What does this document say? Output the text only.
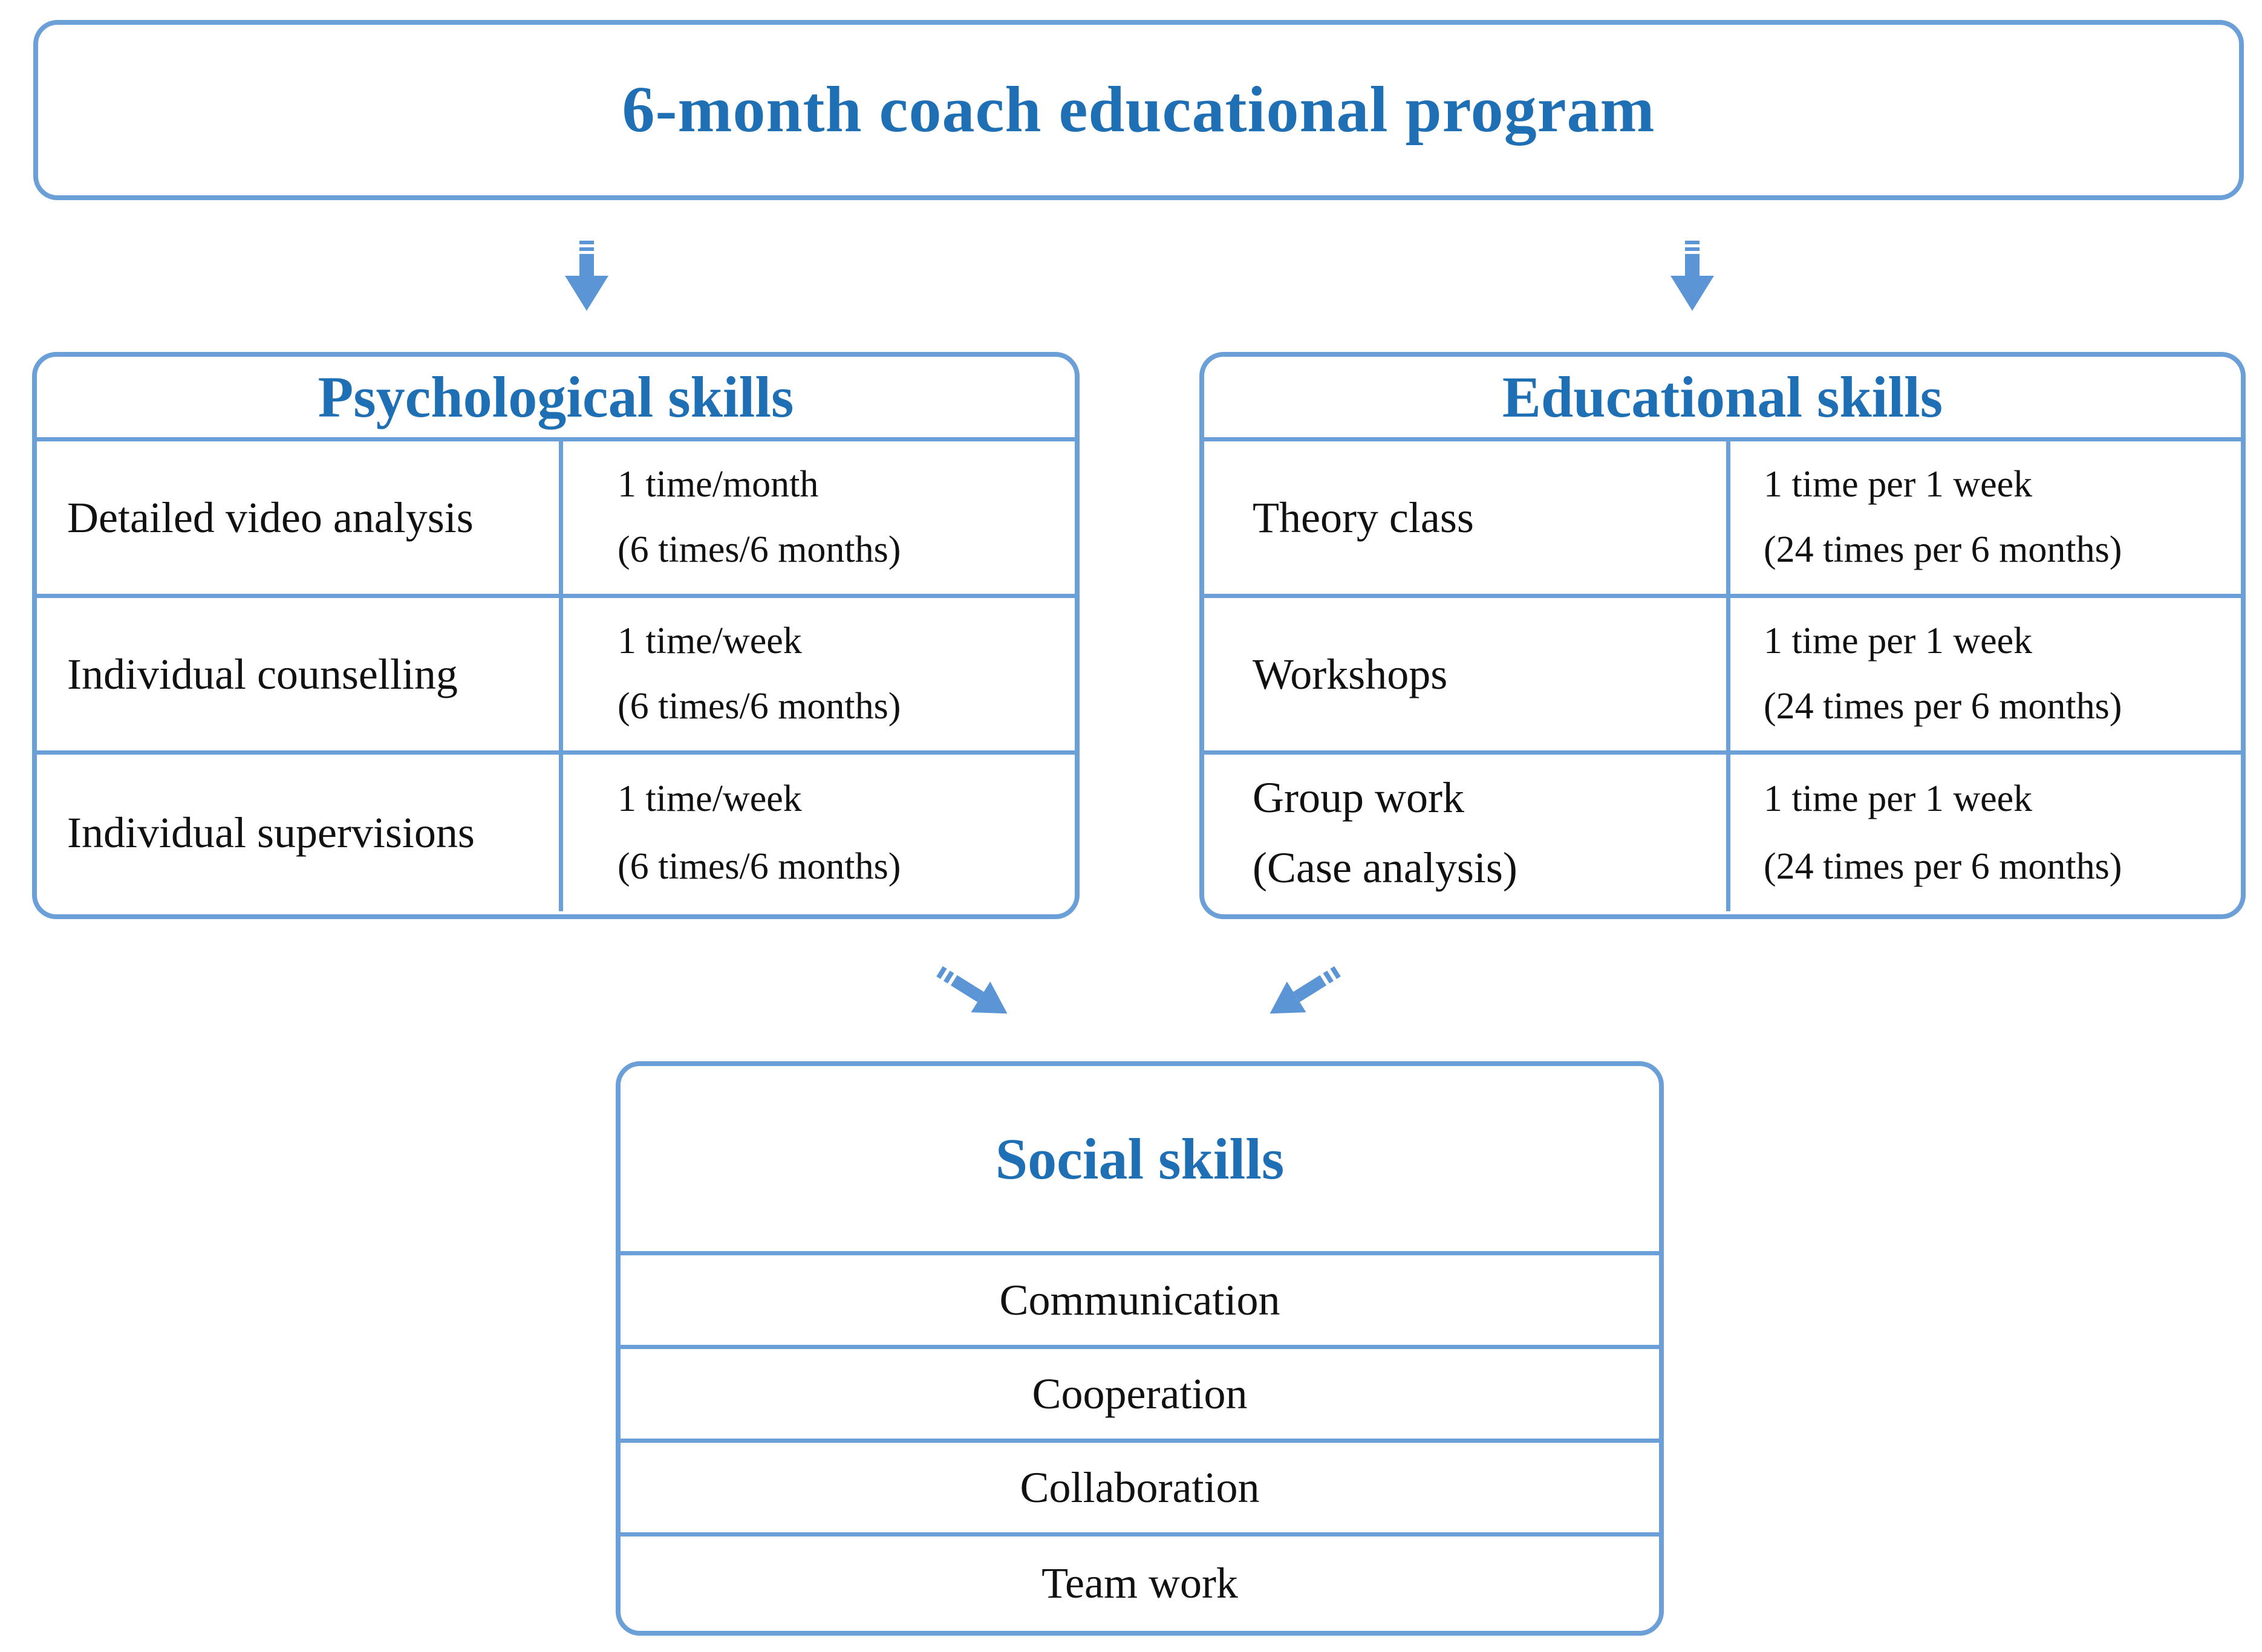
6-month coach educational program
Psychological skills
Detailed video analysis
1 time/month
(6 times/6 months)
Individual counselling
1 time/week
(6 times/6 months)
Individual supervisions
1 time/week
(6 times/6 months)
Educational skills
Theory class
1 time per 1 week
(24 times per 6 months)
Workshops
1 time per 1 week
(24 times per 6 months)
Group work
(Case analysis)
1 time per 1 week
(24 times per 6 months)
Social skills
Communication
Cooperation
Collaboration
Team work
